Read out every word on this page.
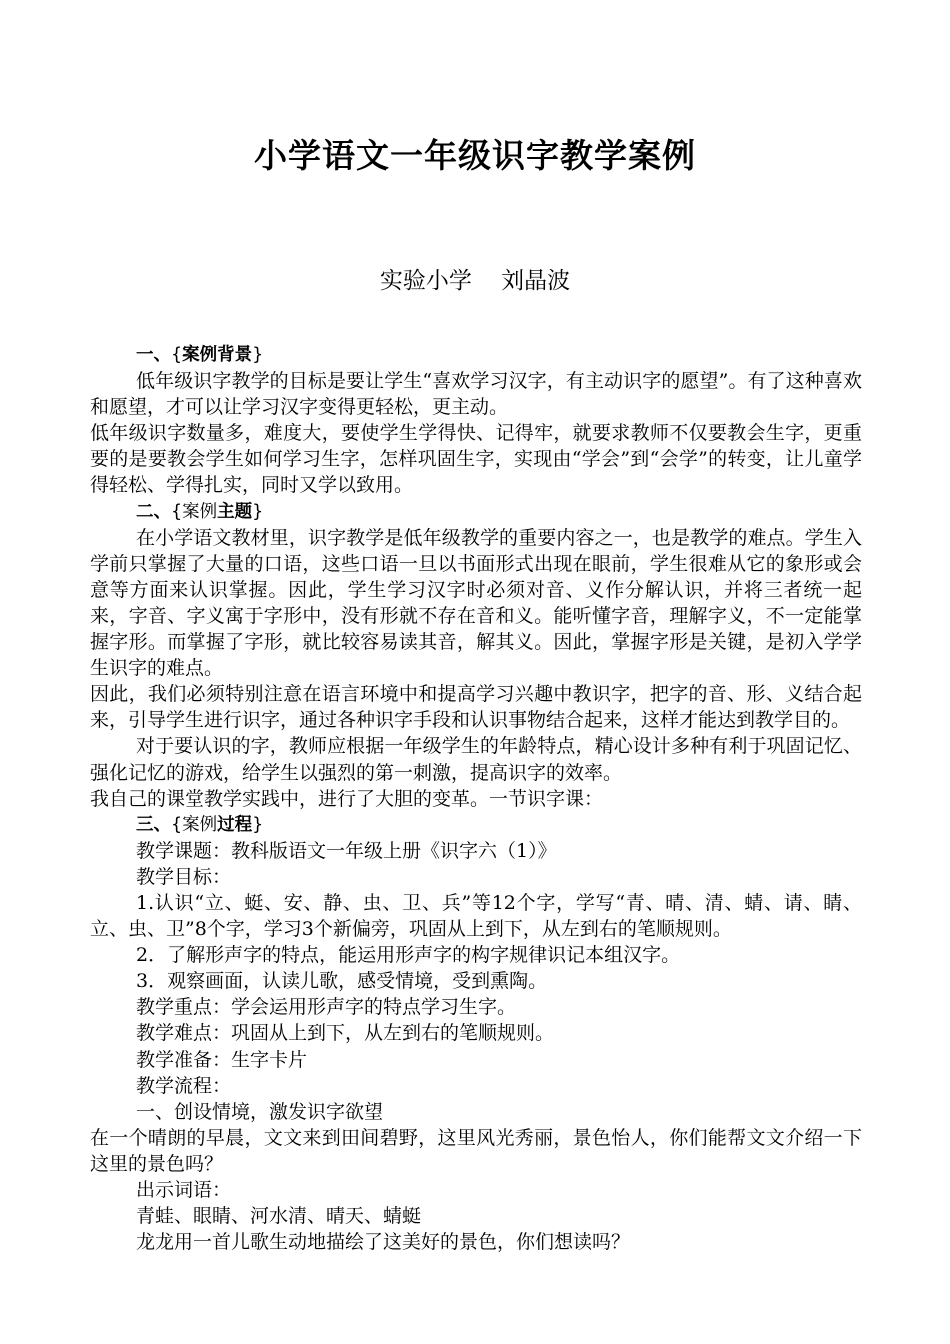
小学语文一年级识字教学案例
实验小学    刘晶波

一、{案例背景}

低年级识字教学的目标是要让学生“喜欢学习汉字，有主动识字的愿望”。有了这种喜欢和愿望，才可以让学习汉字变得更轻松，更主动。

低年级识字数量多，难度大，要使学生学得快、记得牢，就要求教师不仅要教会生字，更重要的是要教会学生如何学习生字，怎样巩固生字，实现由“学会”到“会学”的转变，让儿童学得轻松、学得扎实，同时又学以致用。

二、{案例主题}

在小学语文教材里，识字教学是低年级教学的重要内容之一，也是教学的难点。学生入学前只掌握了大量的口语，这些口语一旦以书面形式出现在眼前，学生很难从它的象形或会意等方面来认识掌握。因此，学生学习汉字时必须对音、义作分解认识，并将三者统一起来，字音、字义寓于字形中，没有形就不存在音和义。能听懂字音，理解字义，不一定能掌握字形。而掌握了字形，就比较容易读其音，解其义。因此，掌握字形是关键，是初入学学生识字的难点。

因此，我们必须特别注意在语言环境中和提高学习兴趣中教识字，把字的音、形、义结合起来，引导学生进行识字，通过各种识字手段和认识事物结合起来，这样才能达到教学目的。

对于要认识的字，教师应根据一年级学生的年龄特点，精心设计多种有利于巩固记忆、强化记忆的游戏，给学生以强烈的第一刺激，提高识字的效率。

我自己的课堂教学实践中，进行了大胆的变革。一节识字课：

三、{案例过程}

教学课题：教科版语文一年级上册《识字六（1）》

教学目标：

1.认识“立、蜓、安、静、虫、卫、兵”等12个字，学写“青、晴、清、蜻、请、睛、立、虫、卫”8个字，学习3个新偏旁，巩固从上到下，从左到右的笔顺规则。

2．了解形声字的特点，能运用形声字的构字规律识记本组汉字。

3．观察画面，认读儿歌，感受情境，受到熏陶。

教学重点：学会运用形声字的特点学习生字。

教学难点：巩固从上到下，从左到右的笔顺规则。

教学准备：生字卡片

教学流程：

一、创设情境，激发识字欲望

在一个晴朗的早晨，文文来到田间碧野，这里风光秀丽，景色怡人，你们能帮文文介绍一下这里的景色吗？

出示词语：

青蛙、眼睛、河水清、晴天、蜻蜓

龙龙用一首儿歌生动地描绘了这美好的景色，你们想读吗？
